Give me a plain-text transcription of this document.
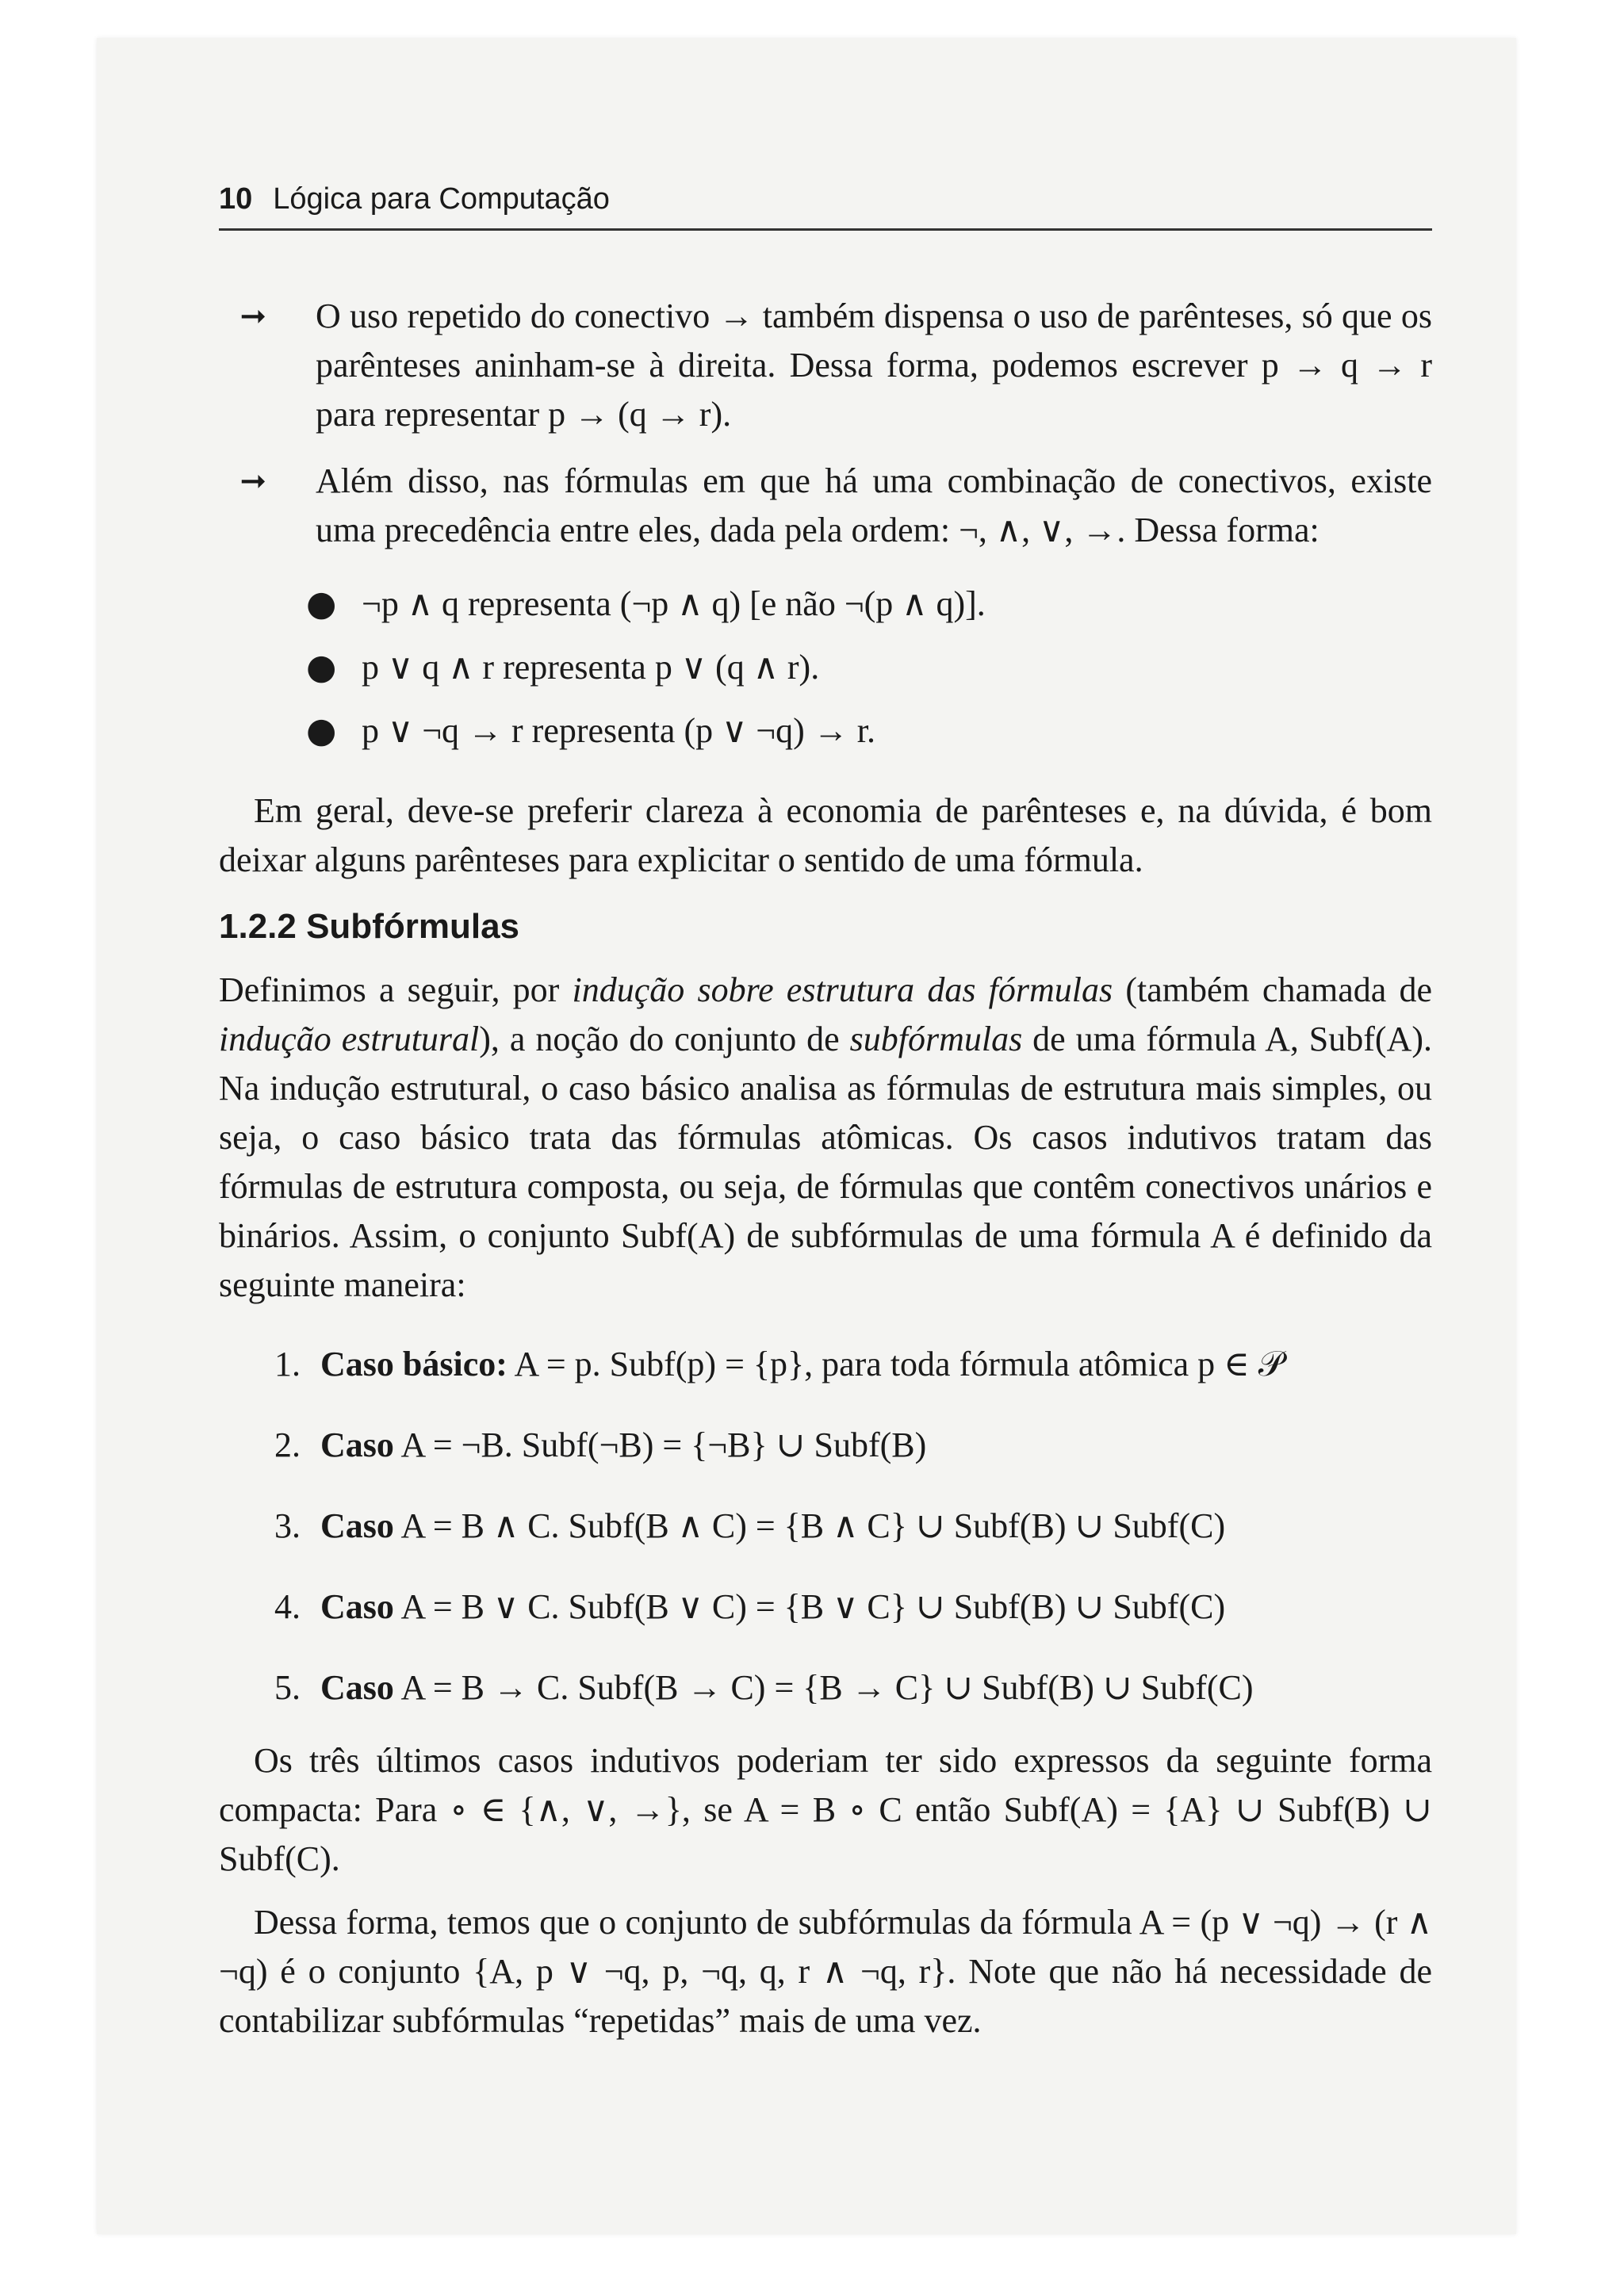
10 Lógica para Computação
➞ O uso repetido do conectivo → também dispensa o uso de parênteses, só que os parênteses aninham-se à direita. Dessa forma, podemos escrever p → q → r para representar p → (q → r).
➞ Além disso, nas fórmulas em que há uma combinação de conectivos, existe uma precedência entre eles, dada pela ordem: ¬, ∧, ∨, →. Dessa forma:
● ¬p ∧ q representa (¬p ∧ q) [e não ¬(p ∧ q)].
● p ∨ q ∧ r representa p ∨ (q ∧ r).
● p ∨ ¬q → r representa (p ∨ ¬q) → r.

Em geral, deve-se preferir clareza à economia de parênteses e, na dúvida, é bom deixar alguns parênteses para explicitar o sentido de uma fórmula.

1.2.2 Subfórmulas

Definimos a seguir, por indução sobre estrutura das fórmulas (também chamada de indução estrutural), a noção do conjunto de subfórmulas de uma fórmula A, Subf(A). Na indução estrutural, o caso básico analisa as fórmulas de estrutura mais simples, ou seja, o caso básico trata das fórmulas atômicas. Os casos indutivos tratam das fórmulas de estrutura composta, ou seja, de fórmulas que contêm conectivos unários e binários. Assim, o conjunto Subf(A) de subfórmulas de uma fórmula A é definido da seguinte maneira:

1. Caso básico: A = p. Subf(p) = {p}, para toda fórmula atômica p ∈ 𝒫
2. Caso A = ¬B. Subf(¬B) = {¬B} ∪ Subf(B)
3. Caso A = B ∧ C. Subf(B ∧ C) = {B ∧ C} ∪ Subf(B) ∪ Subf(C)
4. Caso A = B ∨ C. Subf(B ∨ C) = {B ∨ C} ∪ Subf(B) ∪ Subf(C)
5. Caso A = B → C. Subf(B → C) = {B → C} ∪ Subf(B) ∪ Subf(C)

Os três últimos casos indutivos poderiam ter sido expressos da seguinte forma compacta: Para ∘ ∈ {∧, ∨, →}, se A = B ∘ C então Subf(A) = {A} ∪ Subf(B) ∪ Subf(C).

Dessa forma, temos que o conjunto de subfórmulas da fórmula A = (p ∨ ¬q) → (r ∧ ¬q) é o conjunto {A, p ∨ ¬q, p, ¬q, q, r ∧ ¬q, r}. Note que não há necessidade de contabilizar subfórmulas “repetidas” mais de uma vez.
